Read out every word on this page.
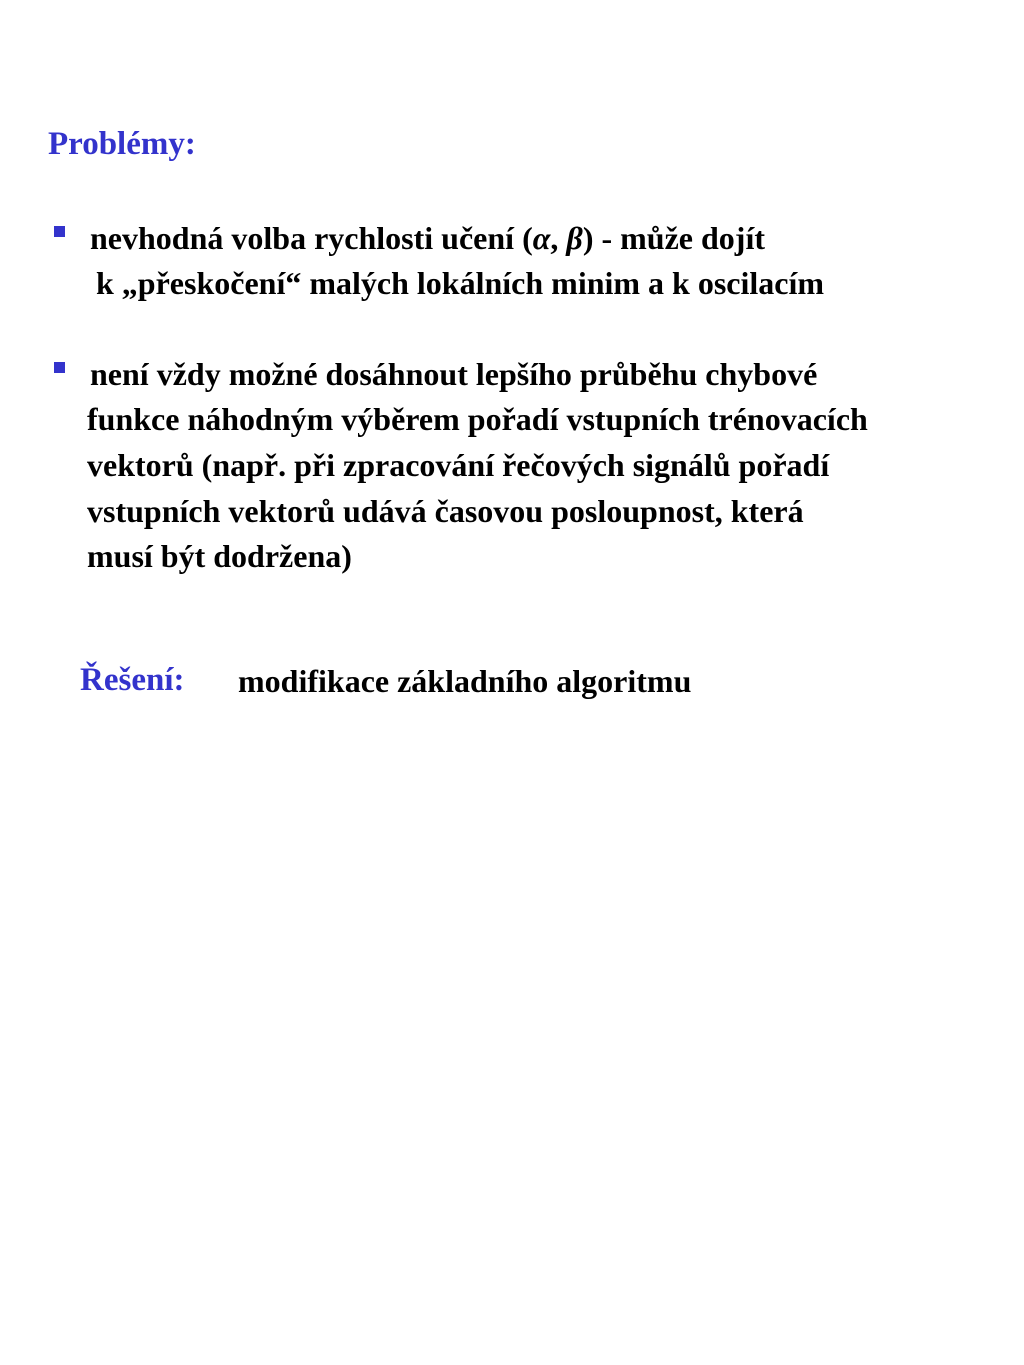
Problémy:
nevhodná volba rychlosti učení (α, β) - může dojít
k „přeskočení“ malých lokálních minim a k oscilacím
není vždy možné dosáhnout lepšího průběhu chybové
funkce náhodným výběrem pořadí vstupních trénovacích
vektorů (např. při zpracování řečových signálů pořadí
vstupních vektorů udává časovou posloupnost, která
musí být dodržena)
Řešení: modifikace základního algoritmu
